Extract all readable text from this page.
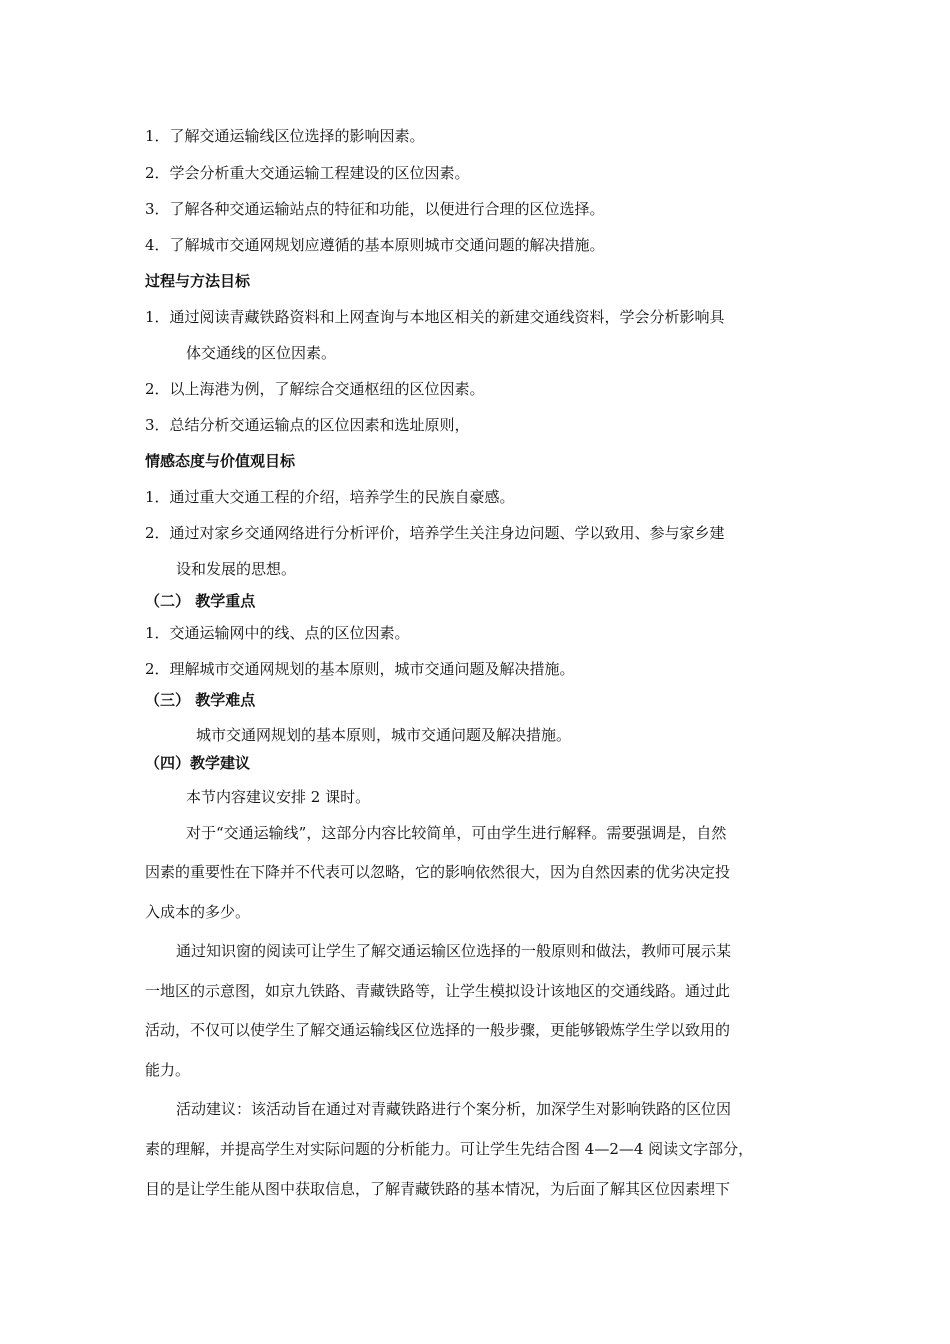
1．了解交通运输线区位选择的影响因素。
2．学会分析重大交通运输工程建设的区位因素。
3．了解各种交通运输站点的特征和功能，以便进行合理的区位选择。
4．了解城市交通网规划应遵循的基本原则城市交通问题的解决措施。
过程与方法目标
1．通过阅读青藏铁路资料和上网查询与本地区相关的新建交通线资料，学会分析影响具
体交通线的区位因素。
2．以上海港为例，了解综合交通枢纽的区位因素。
3．总结分析交通运输点的区位因素和选址原则，
情感态度与价值观目标
1．通过重大交通工程的介绍，培养学生的民族自豪感。
2．通过对家乡交通网络进行分析评价，培养学生关注身边问题、学以致用、参与家乡建
设和发展的思想。
（二） 教学重点
1．交通运输网中的线、点的区位因素。
2．理解城市交通网规划的基本原则，城市交通问题及解决措施。
（三） 教学难点
城市交通网规划的基本原则，城市交通问题及解决措施。
（四）教学建议
本节内容建议安排 2 课时。
对于“交通运输线”，这部分内容比较简单，可由学生进行解释。需要强调是，自然
因素的重要性在下降并不代表可以忽略，它的影响依然很大，因为自然因素的优劣决定投
入成本的多少。
通过知识窗的阅读可让学生了解交通运输区位选择的一般原则和做法，教师可展示某
一地区的示意图，如京九铁路、青藏铁路等，让学生模拟设计该地区的交通线路。通过此
活动，不仅可以使学生了解交通运输线区位选择的一般步骤，更能够锻炼学生学以致用的
能力。
活动建议：该活动旨在通过对青藏铁路进行个案分析，加深学生对影响铁路的区位因
素的理解，并提高学生对实际问题的分析能力。可让学生先结合图 4—2—4 阅读文字部分，
目的是让学生能从图中获取信息，了解青藏铁路的基本情况，为后面了解其区位因素埋下
